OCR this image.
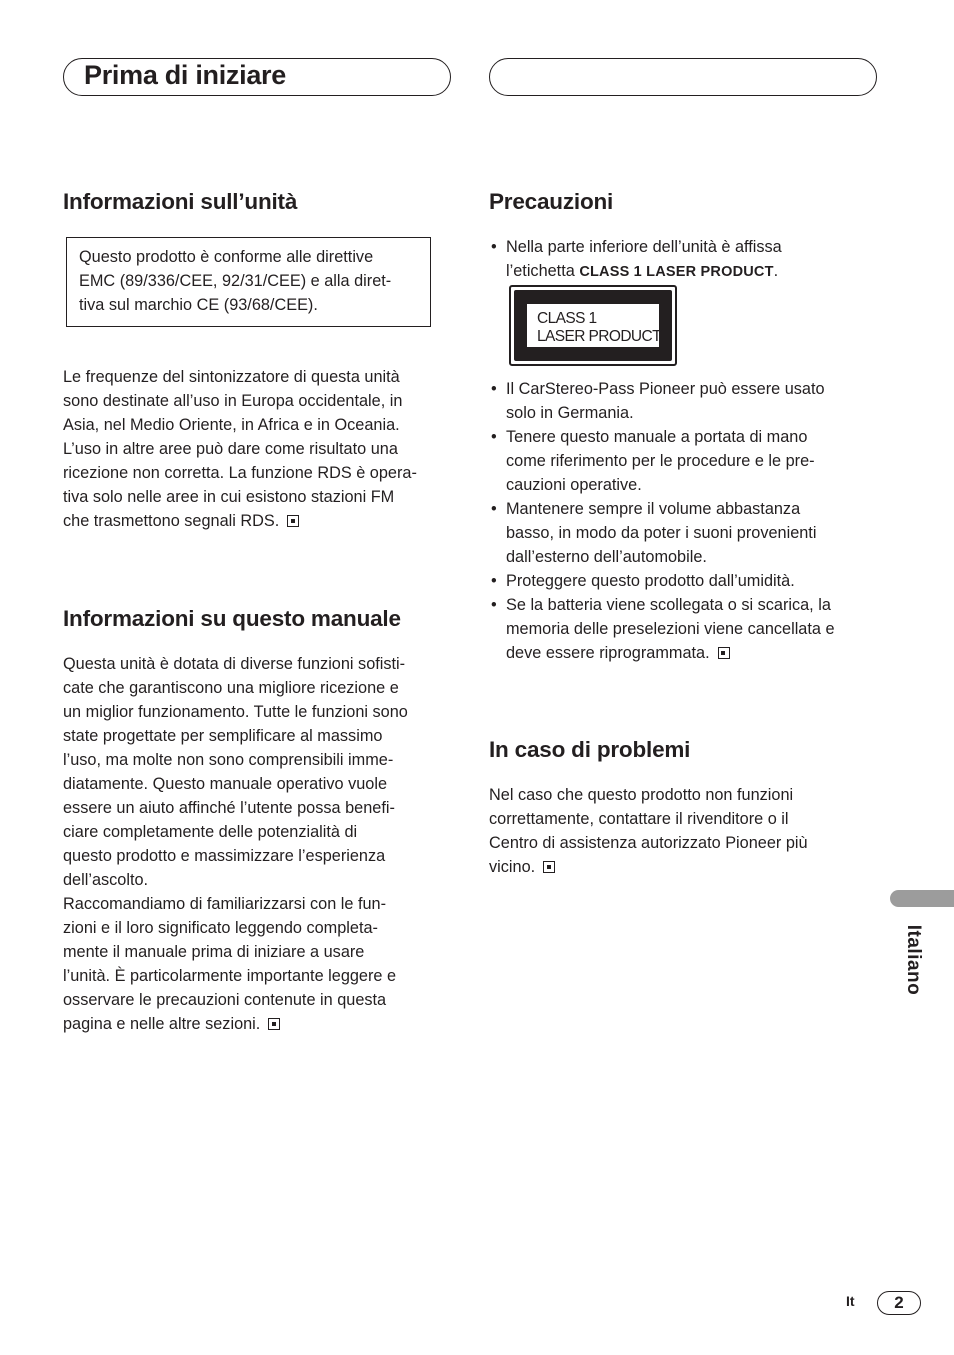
Prima di iniziare
Informazioni sull’unità
Questo prodotto è conforme alle direttive
EMC (89/336/CEE, 92/31/CEE) e alla diret-
tiva sul marchio CE (93/68/CEE).
Le frequenze del sintonizzatore di questa unità
sono destinate all’uso in Europa occidentale, in
Asia, nel Medio Oriente, in Africa e in Oceania.
L’uso in altre aree può dare come risultato una
ricezione non corretta. La funzione RDS è opera-
tiva solo nelle aree in cui esistono stazioni FM
che trasmettono segnali RDS.
Informazioni su questo manuale
Questa unità è dotata di diverse funzioni sofisti-
cate che garantiscono una migliore ricezione e
un miglior funzionamento. Tutte le funzioni sono
state progettate per semplificare al massimo
l’uso, ma molte non sono comprensibili imme-
diatamente. Questo manuale operativo vuole
essere un aiuto affinché l’utente possa benefi-
ciare completamente delle potenzialità di
questo prodotto e massimizzare l’esperienza
dell’ascolto.
Raccomandiamo di familiarizzarsi con le fun-
zioni e il loro significato leggendo completa-
mente il manuale prima di iniziare a usare
l’unità. È particolarmente importante leggere e
osservare le precauzioni contenute in questa
pagina e nelle altre sezioni.
Precauzioni
• Nella parte inferiore dell’unità è affissa
l’etichetta CLASS 1 LASER PRODUCT.
CLASS 1
LASER PRODUCT
• Il CarStereo-Pass Pioneer può essere usato
solo in Germania.
• Tenere questo manuale a portata di mano
come riferimento per le procedure e le pre-
cauzioni operative.
• Mantenere sempre il volume abbastanza
basso, in modo da poter i suoni provenienti
dall’esterno dell’automobile.
• Proteggere questo prodotto dall’umidità.
• Se la batteria viene scollegata o si scarica, la
memoria delle preselezioni viene cancellata e
deve essere riprogrammata.
In caso di problemi
Nel caso che questo prodotto non funzioni
correttamente, contattare il rivenditore o il
Centro di assistenza autorizzato Pioneer più
vicino.
Italiano
It	2
